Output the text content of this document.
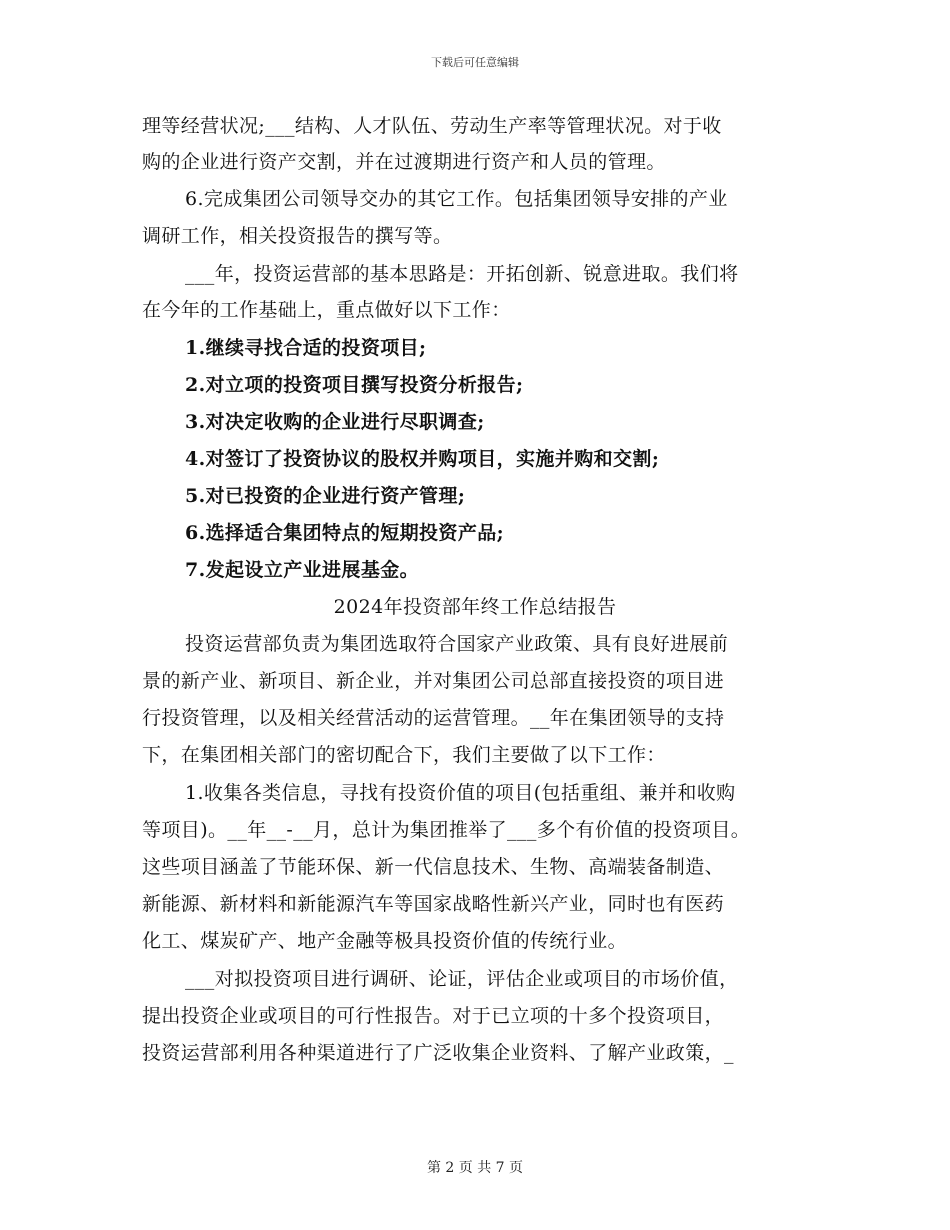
下载后可任意编辑
理等经营状况;___结构、人才队伍、劳动生产率等管理状况。对于收
购的企业进行资产交割，并在过渡期进行资产和人员的管理。
6.完成集团公司领导交办的其它工作。包括集团领导安排的产业
调研工作，相关投资报告的撰写等。
___年，投资运营部的基本思路是：开拓创新、锐意进取。我们将
在今年的工作基础上，重点做好以下工作：
1.继续寻找合适的投资项目;
2.对立项的投资项目撰写投资分析报告;
3.对决定收购的企业进行尽职调查;
4.对签订了投资协议的股权并购项目，实施并购和交割;
5.对已投资的企业进行资产管理;
6.选择适合集团特点的短期投资产品;
7.发起设立产业进展基金。
2024年投资部年终工作总结报告
投资运营部负责为集团选取符合国家产业政策、具有良好进展前
景的新产业、新项目、新企业，并对集团公司总部直接投资的项目进
行投资管理，以及相关经营活动的运营管理。__年在集团领导的支持
下，在集团相关部门的密切配合下，我们主要做了以下工作：
1.收集各类信息，寻找有投资价值的项目(包括重组、兼并和收购
等项目)。__年__-__月，总计为集团推举了___多个有价值的投资项目。
这些项目涵盖了节能环保、新一代信息技术、生物、高端装备制造、
新能源、新材料和新能源汽车等国家战略性新兴产业，同时也有医药
化工、煤炭矿产、地产金融等极具投资价值的传统行业。
___对拟投资项目进行调研、论证，评估企业或项目的市场价值，
提出投资企业或项目的可行性报告。对于已立项的十多个投资项目，
投资运营部利用各种渠道进行了广泛收集企业资料、了解产业政策，_
第 2 页 共 7 页
